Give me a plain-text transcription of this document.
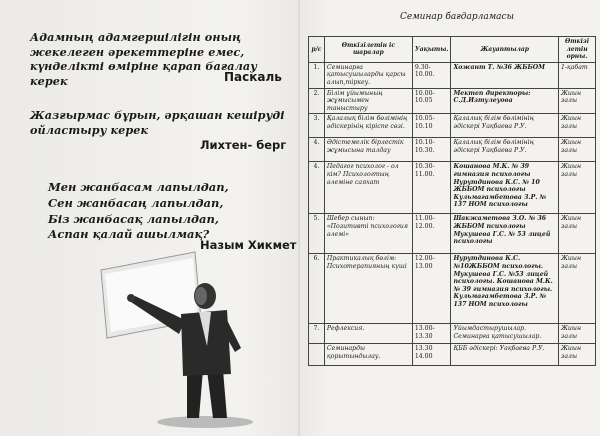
Адамның адамгершілігін оның жекелеген әрекеттеріне емес, күнделікті өміріне қарап бағалау керек	Паскаль
Жазғырмас бұрын, әрқашан кешіруді ойластыру керек
Лихтен- берг
Мен жанбасам лапылдап,
Сен жанбасаң лапылдап,
Біз жанбасақ лапылдап,
Аспан қалай ашылмақ?
Назым Хикмет
Семинар бағдарламасы
р/с	Өткізілетін іс шаралар	Уақыты.	Жауаптылар	Өткізі летін орны.
1.	Семинарға қатысушыларды қарсы алып,тіркеу.	9.30-10.00.	Хожант Т. №36 ЖББОМ	1-қабат
2.	Білім ұйымының жұмысымен таныстыру	10.00-10.05	Мектеп директоры: С.Д.Изтулеуова	Жиын залы
3.	Қалалық білім бөлімінің әдіскерінің кіріспе сөзі.	10.05-10.10	Қалалық білім бөлімінің әдіскері Уақбаева Р.У.	Жиын залы
4.	Әдістемелік бірлестік жұмысына талдау	10.10-10.30.	Қалалық білім бөлімінің әдіскері Уақбаева Р.У.	Жиын залы
4.	Педагог психолог - ол кім? Психологтың әлеміне саяхат	10.30-11.00.	Кошанова М.К. № 39 гимназия психологы Нурутдинова К.С. № 10 ЖББОМ психологы Кульмагамбетова З.Р. № 137 НОМ психологы	Жиын залы
5.	Шебер сынып: «Позитивті психология әлемі»	11.00-12.00.	Шакжаметова З.О. № 36 ЖББОМ психологы Мукушева Г.С. № 53 лицей психологы	Жиын залы
6.	Практикалық бөлім: Психотерапияның күші	12.00-13.00	Нурутдинова К.С. №10ЖББОМ психологы. Мукушева Г.С. №53 лицей психологы. Кошанова М.К. № 39 гимназия психологы. Кульмагамбетова З.Р. № 137 НОМ психологы	Жиын залы
7.	Рефлексия.	13.00-13.30	Уйымдастырушылар. Семинарға қатысушылар.	Жиын залы
	Семинарды қорытындылау.	13.30 14.00	ҚББ әдіскері: Уақбаева Р.У.	Жиын залы
